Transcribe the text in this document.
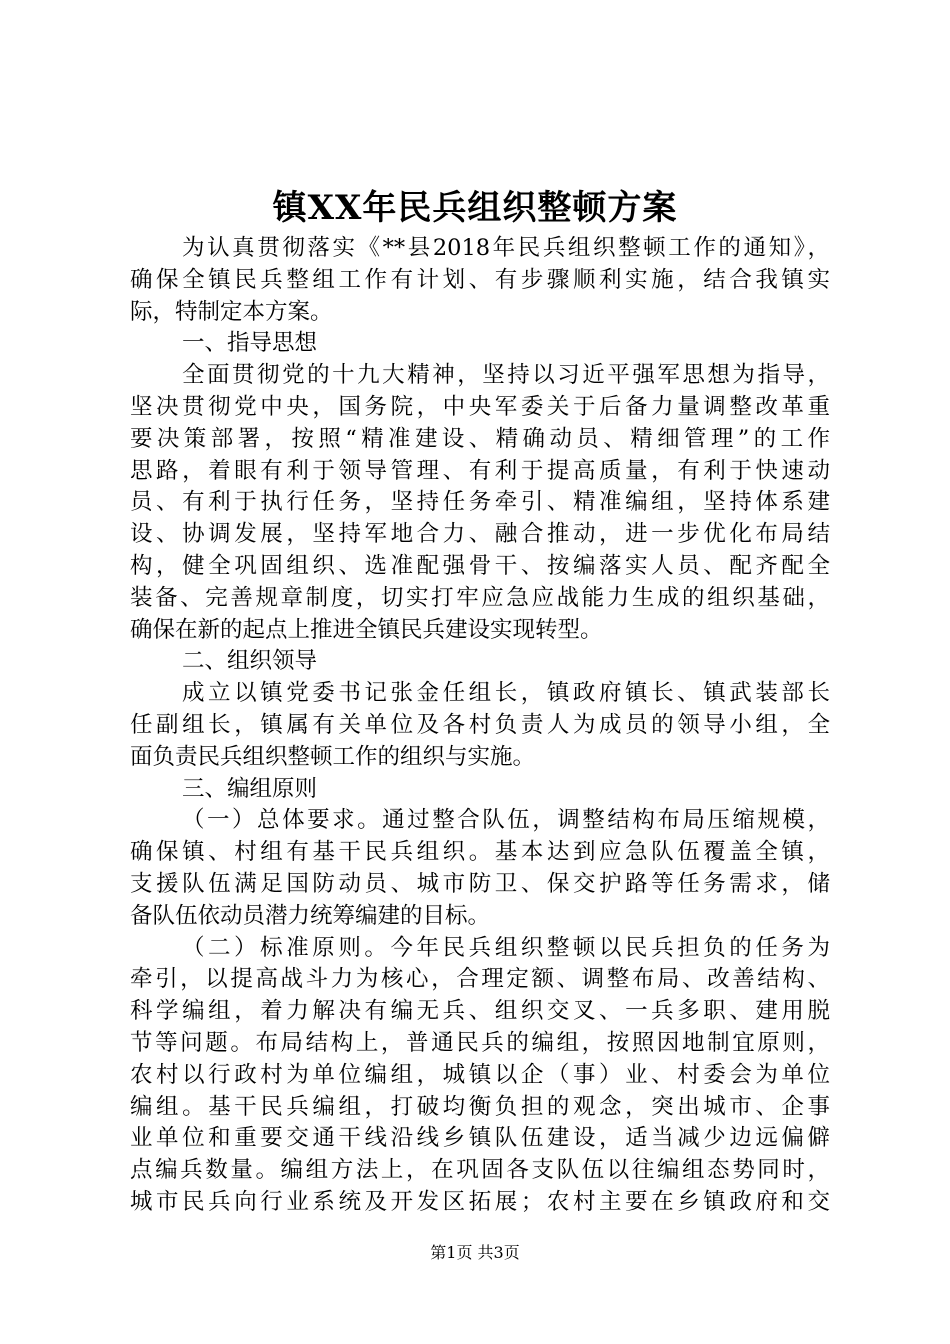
镇XX年民兵组织整顿方案
为认真贯彻落实《**县2018年民兵组织整顿工作的通知》，
确保全镇民兵整组工作有计划、有步骤顺利实施，结合我镇实
际，特制定本方案。
一、指导思想
全面贯彻党的十九大精神，坚持以习近平强军思想为指导，
坚决贯彻党中央，国务院，中央军委关于后备力量调整改革重
要决策部署，按照“精准建设、精确动员、精细管理”的工作
思路，着眼有利于领导管理、有利于提高质量，有利于快速动
员、有利于执行任务，坚持任务牵引、精准编组，坚持体系建
设、协调发展，坚持军地合力、融合推动，进一步优化布局结
构，健全巩固组织、选准配强骨干、按编落实人员、配齐配全
装备、完善规章制度，切实打牢应急应战能力生成的组织基础，
确保在新的起点上推进全镇民兵建设实现转型。
二、组织领导
成立以镇党委书记张金任组长，镇政府镇长、镇武装部长
任副组长，镇属有关单位及各村负责人为成员的领导小组，全
面负责民兵组织整顿工作的组织与实施。
三、编组原则
（一）总体要求。通过整合队伍，调整结构布局压缩规模，
确保镇、村组有基干民兵组织。基本达到应急队伍覆盖全镇，
支援队伍满足国防动员、城市防卫、保交护路等任务需求，储
备队伍依动员潜力统筹编建的目标。
（二）标准原则。今年民兵组织整顿以民兵担负的任务为
牵引，以提高战斗力为核心，合理定额、调整布局、改善结构、
科学编组，着力解决有编无兵、组织交叉、一兵多职、建用脱
节等问题。布局结构上，普通民兵的编组，按照因地制宜原则，
农村以行政村为单位编组，城镇以企（事）业、村委会为单位
编组。基干民兵编组，打破均衡负担的观念，突出城市、企事
业单位和重要交通干线沿线乡镇队伍建设，适当减少边远偏僻
点编兵数量。编组方法上，在巩固各支队伍以往编组态势同时，
城市民兵向行业系统及开发区拓展；农村主要在乡镇政府和交
第1页 共3页
